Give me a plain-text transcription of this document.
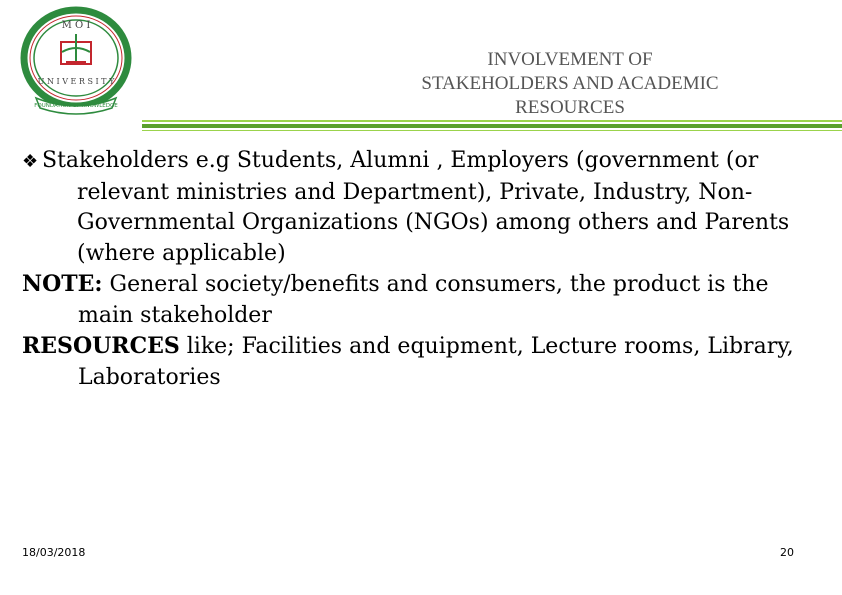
M O I
U N I V E R S I T Y
FOUNDATION OF KNOWLEDGE
INVOLVEMENT OF
STAKEHOLDERS AND ACADEMIC
RESOURCES

❖ Stakeholders e.g Students, Alumni , Employers (government (or relevant ministries and Department), Private, Industry, Non-Governmental Organizations (NGOs) among others and Parents (where applicable)

NOTE: General society/benefits and consumers, the product is the main stakeholder

RESOURCES like; Facilities and equipment, Lecture rooms, Library, Laboratories

18/03/2018	20
